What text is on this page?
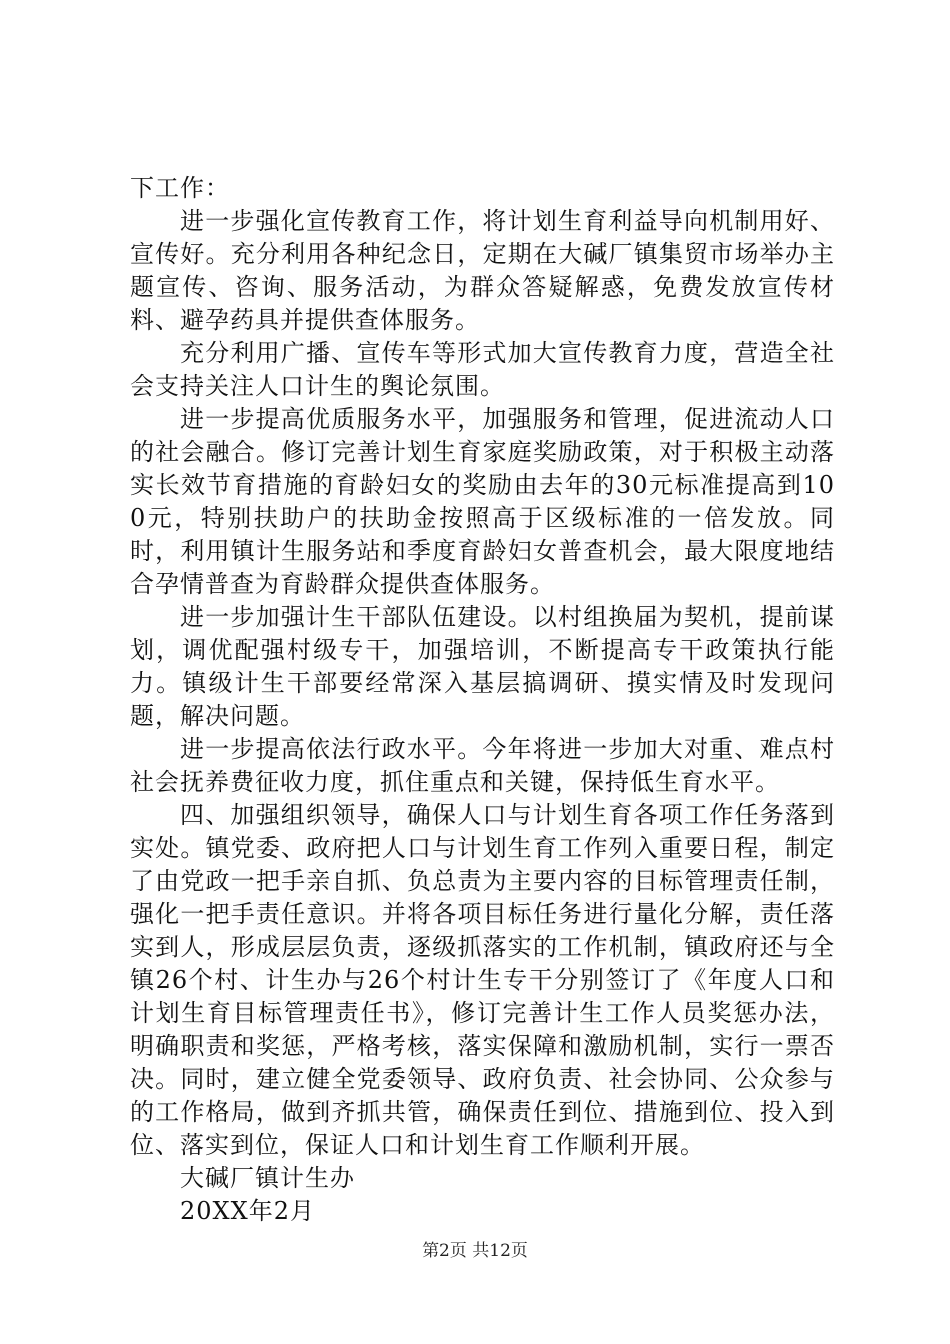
下工作：

进一步强化宣传教育工作，将计划生育利益导向机制用好、宣传好。充分利用各种纪念日，定期在大碱厂镇集贸市场举办主题宣传、咨询、服务活动，为群众答疑解惑，免费发放宣传材料、避孕药具并提供查体服务。

充分利用广播、宣传车等形式加大宣传教育力度，营造全社会支持关注人口计生的舆论氛围。

进一步提高优质服务水平，加强服务和管理，促进流动人口的社会融合。修订完善计划生育家庭奖励政策，对于积极主动落实长效节育措施的育龄妇女的奖励由去年的30元标准提高到100元，特别扶助户的扶助金按照高于区级标准的一倍发放。同时，利用镇计生服务站和季度育龄妇女普查机会，最大限度地结合孕情普查为育龄群众提供查体服务。

进一步加强计生干部队伍建设。以村组换届为契机，提前谋划，调优配强村级专干，加强培训，不断提高专干政策执行能力。镇级计生干部要经常深入基层搞调研、摸实情及时发现问题，解决问题。

进一步提高依法行政水平。今年将进一步加大对重、难点村社会抚养费征收力度，抓住重点和关键，保持低生育水平。

四、加强组织领导，确保人口与计划生育各项工作任务落到实处。镇党委、政府把人口与计划生育工作列入重要日程，制定了由党政一把手亲自抓、负总责为主要内容的目标管理责任制，强化一把手责任意识。并将各项目标任务进行量化分解，责任落实到人，形成层层负责，逐级抓落实的工作机制，镇政府还与全镇26个村、计生办与26个村计生专干分别签订了《年度人口和计划生育目标管理责任书》，修订完善计生工作人员奖惩办法，明确职责和奖惩，严格考核，落实保障和激励机制，实行一票否决。同时，建立健全党委领导、政府负责、社会协同、公众参与的工作格局，做到齐抓共管，确保责任到位、措施到位、投入到位、落实到位，保证人口和计划生育工作顺利开展。

大碱厂镇计生办

20XX年2月

第2页 共12页
